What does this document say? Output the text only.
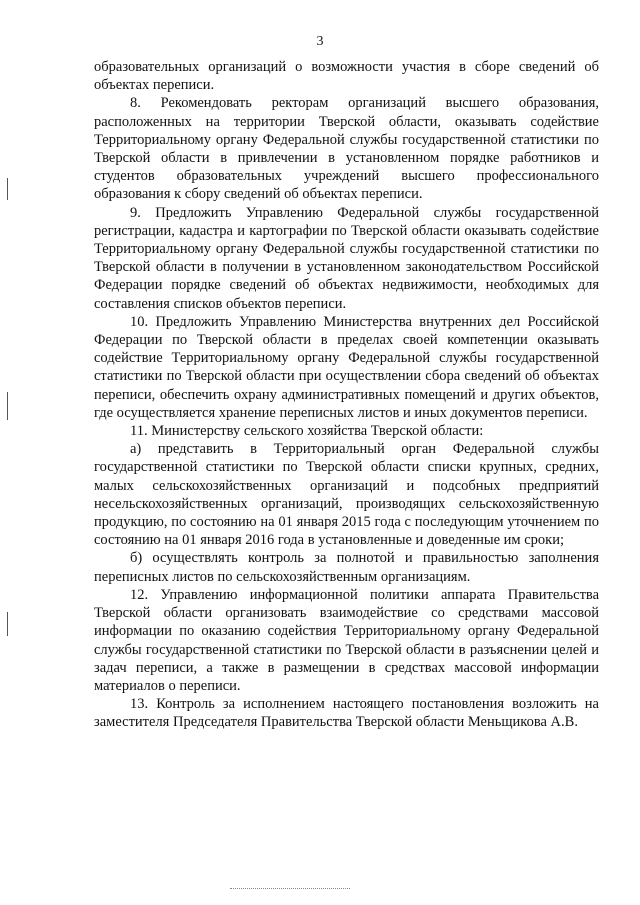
3

образовательных организаций о возможности участия в сборе сведений об объектах переписи.

8. Рекомендовать ректорам организаций высшего образования, расположенных на территории Тверской области, оказывать содействие Территориальному органу Федеральной службы государственной статистики по Тверской области в привлечении в установленном порядке работников и студентов образовательных учреждений высшего профессионального образования к сбору сведений об объектах переписи.

9. Предложить Управлению Федеральной службы государственной регистрации, кадастра и картографии по Тверской области оказывать содействие Территориальному органу Федеральной службы государственной статистики по Тверской области в получении в установленном законодательством Российской Федерации порядке сведений об объектах недвижимости, необходимых для составления списков объектов переписи.

10. Предложить Управлению Министерства внутренних дел Российской Федерации по Тверской области в пределах своей компетенции оказывать содействие Территориальному органу Федеральной службы государственной статистики по Тверской области при осуществлении сбора сведений об объектах переписи, обеспечить охрану административных помещений и других объектов, где осуществляется хранение переписных листов и иных документов переписи.

11. Министерству сельского хозяйства Тверской области:

а) представить в Территориальный орган Федеральной службы государственной статистики по Тверской области списки крупных, средних, малых сельскохозяйственных организаций и подсобных предприятий несельскохозяйственных организаций, производящих сельскохозяйственную продукцию, по состоянию на 01 января 2015 года с последующим уточнением по состоянию на 01 января 2016 года в установленные и доведенные им сроки;

б) осуществлять контроль за полнотой и правильностью заполнения переписных листов по сельскохозяйственным организациям.

12. Управлению информационной политики аппарата Правительства Тверской области организовать взаимодействие со средствами массовой информации по оказанию содействия Территориальному органу Федеральной службы государственной статистики по Тверской области в разъяснении целей и задач переписи, а также в размещении в средствах массовой информации материалов о переписи.

13. Контроль за исполнением настоящего постановления возложить на заместителя Председателя Правительства Тверской области Меньщикова А.В.
